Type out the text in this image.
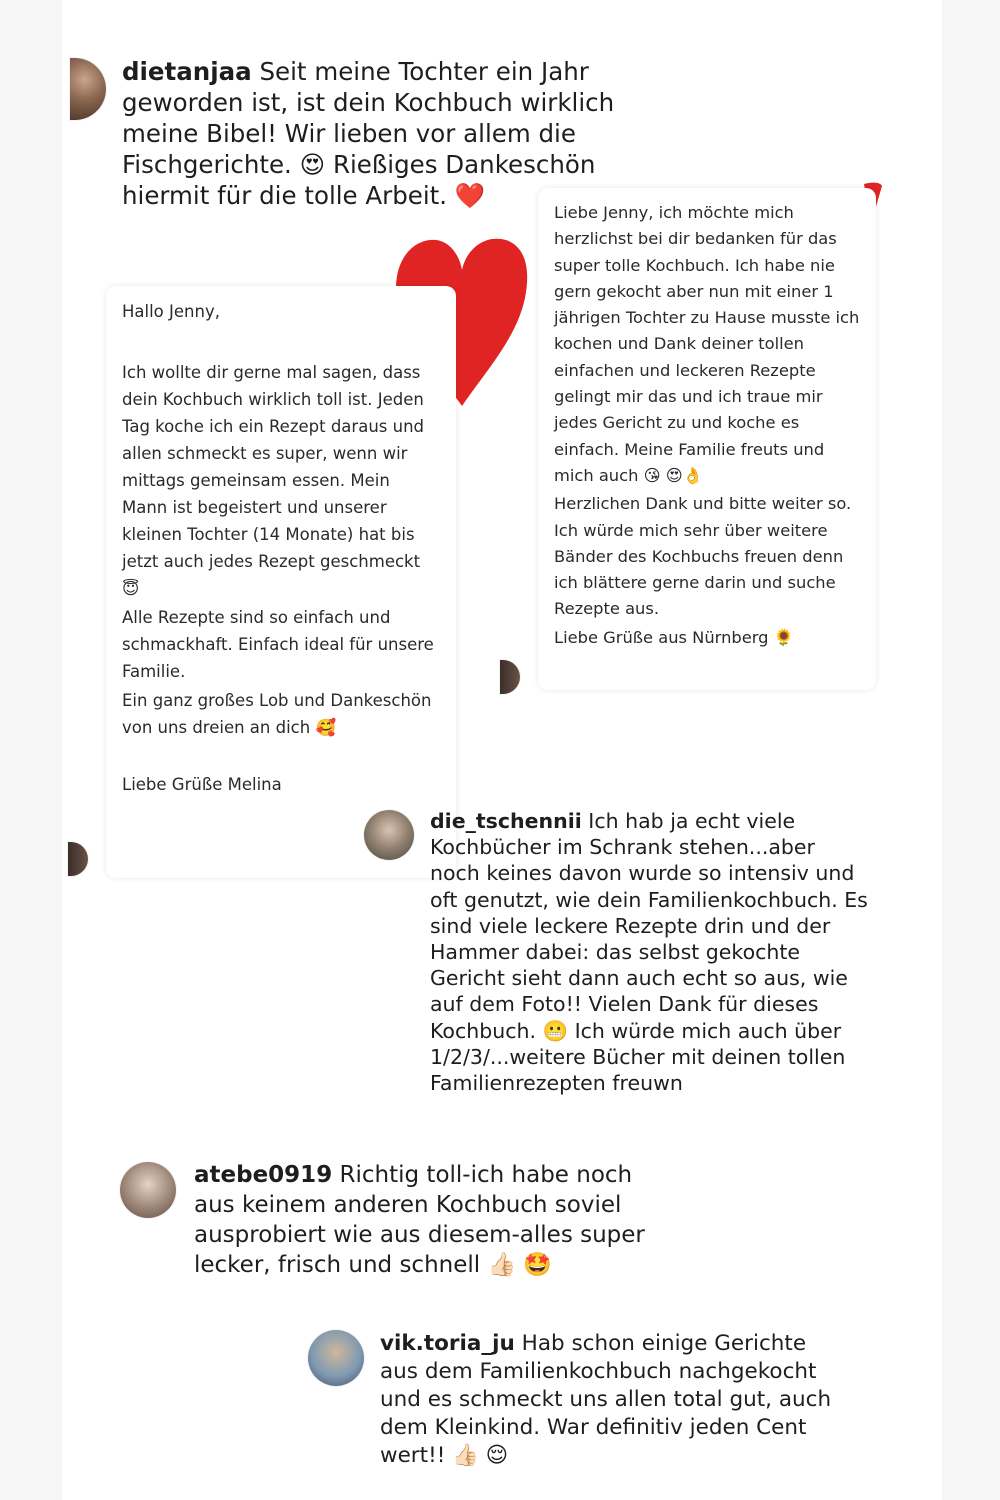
dietanjaa Seit meine Tochter ein Jahr geworden ist, ist dein Kochbuch wirklich meine Bibel! Wir lieben vor allem die Fischgerichte. 😍 Rießiges Dankeschön hiermit für die tolle Arbeit. ❤️

Hallo Jenny,

Ich wollte dir gerne mal sagen, dass dein Kochbuch wirklich toll ist. Jeden Tag koche ich ein Rezept daraus und allen schmeckt es super, wenn wir mittags gemeinsam essen. Mein Mann ist begeistert und unserer kleinen Tochter (14 Monate) hat bis jetzt auch jedes Rezept geschmeckt 😇

Alle Rezepte sind so einfach und schmackhaft. Einfach ideal für unsere Familie.

Ein ganz großes Lob und Dankeschön von uns dreien an dich 🥰

Liebe Grüße Melina

Liebe Jenny, ich möchte mich herzlichst bei dir bedanken für das super tolle Kochbuch. Ich habe nie gern gekocht aber nun mit einer 1 jährigen Tochter zu Hause musste ich kochen und Dank deiner tollen einfachen und leckeren Rezepte gelingt mir das und ich traue mir jedes Gericht zu und koche es einfach. Meine Familie freuts und mich auch 😘 😍👌

Herzlichen Dank und bitte weiter so. Ich würde mich sehr über weitere Bänder des Kochbuchs freuen denn ich blättere gerne darin und suche Rezepte aus.

Liebe Grüße aus Nürnberg 🌻

die_tschennii Ich hab ja echt viele Kochbücher im Schrank stehen...aber noch keines davon wurde so intensiv und oft genutzt, wie dein Familienkochbuch. Es sind viele leckere Rezepte drin und der Hammer dabei: das selbst gekochte Gericht sieht dann auch echt so aus, wie auf dem Foto!! Vielen Dank für dieses Kochbuch. 😬 Ich würde mich auch über 1/2/3/...weitere Bücher mit deinen tollen Familienrezepten freuwn

atebe0919 Richtig toll-ich habe noch aus keinem anderen Kochbuch soviel ausprobiert wie aus diesem-alles super lecker, frisch und schnell 👍🏻 🤩

vik.toria_ju Hab schon einige Gerichte aus dem Familienkochbuch nachgekocht und es schmeckt uns allen total gut, auch dem Kleinkind. War definitiv jeden Cent wert!! 👍🏻 😌
